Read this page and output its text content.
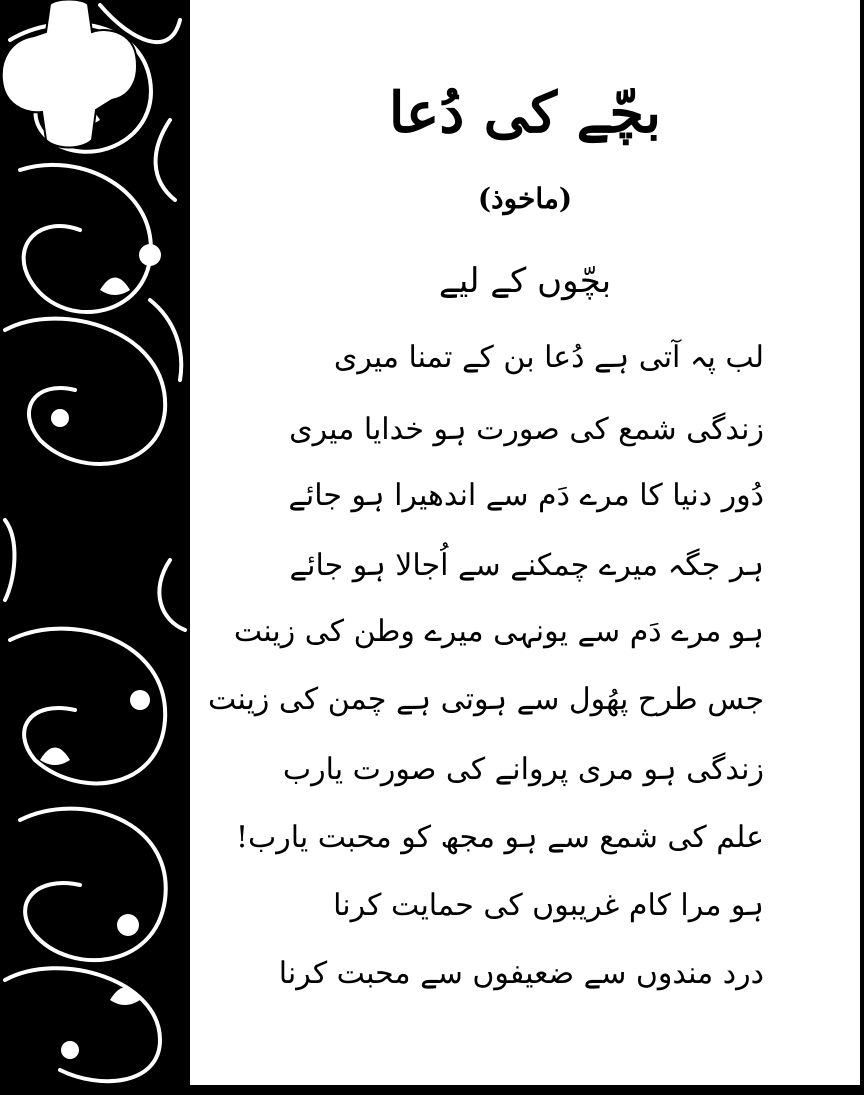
٦٥
بانگِ درا
٤٩
بچّے کی دُعا
(ماخوذ)
بچّوں کے لیے
لب پہ آتی ہے دُعا بن کے تمنا میری
زندگی شمع کی صورت ہو خدایا میری
دُور دنیا کا مرے دَم سے اندھیرا ہو جائے
ہر جگہ میرے چمکنے سے اُجالا ہو جائے
ہو مرے دَم سے یونہی میرے وطن کی زینت
جس طرح پھُول سے ہوتی ہے چمن کی زینت
زندگی ہو مری پروانے کی صورت یارب
علم کی شمع سے ہو مجھ کو محبت یارب!
ہو مرا کام غریبوں کی حمایت کرنا
درد مندوں سے ضعیفوں سے محبت کرنا
